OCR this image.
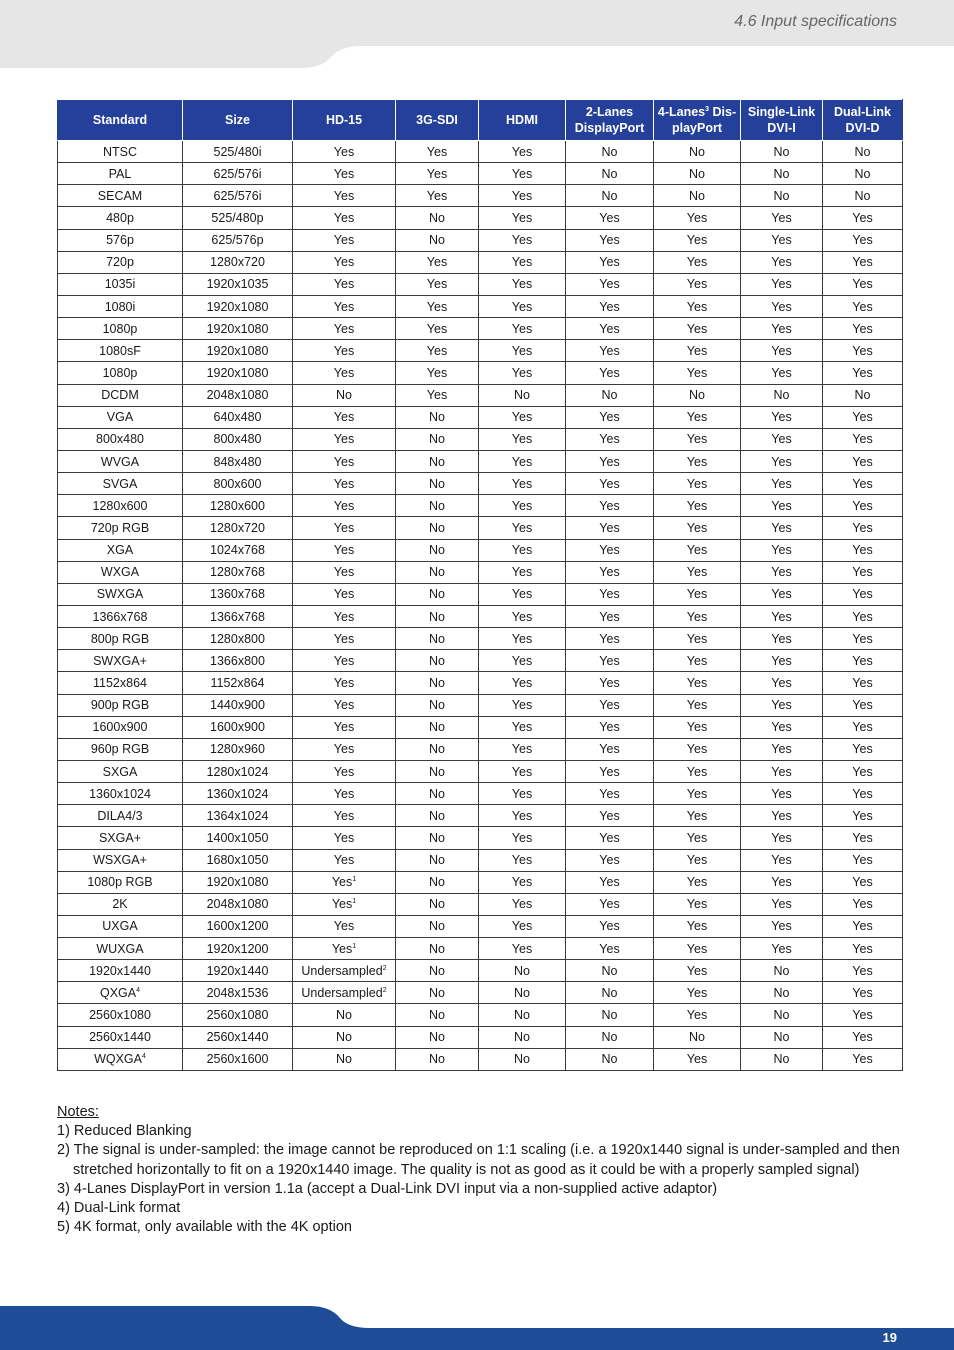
4.6 Input specifications
Standard	Size	HD-15	3G-SDI	HDMI	2-Lanes DisplayPort	4-Lanes$^3$ Dis-playPort	Single-Link DVI-I	Dual-Link DVI-D
NTSC	525/480i	Yes	Yes	Yes	No	No	No	No
PAL	625/576i	Yes	Yes	Yes	No	No	No	No
SECAM	625/576i	Yes	Yes	Yes	No	No	No	No
480p	525/480p	Yes	No	Yes	Yes	Yes	Yes	Yes
576p	625/576p	Yes	No	Yes	Yes	Yes	Yes	Yes
720p	1280x720	Yes	Yes	Yes	Yes	Yes	Yes	Yes
1035i	1920x1035	Yes	Yes	Yes	Yes	Yes	Yes	Yes
1080i	1920x1080	Yes	Yes	Yes	Yes	Yes	Yes	Yes
1080p	1920x1080	Yes	Yes	Yes	Yes	Yes	Yes	Yes
1080sF	1920x1080	Yes	Yes	Yes	Yes	Yes	Yes	Yes
1080p	1920x1080	Yes	Yes	Yes	Yes	Yes	Yes	Yes
DCDM	2048x1080	No	Yes	No	No	No	No	No
VGA	640x480	Yes	No	Yes	Yes	Yes	Yes	Yes
800x480	800x480	Yes	No	Yes	Yes	Yes	Yes	Yes
WVGA	848x480	Yes	No	Yes	Yes	Yes	Yes	Yes
SVGA	800x600	Yes	No	Yes	Yes	Yes	Yes	Yes
1280x600	1280x600	Yes	No	Yes	Yes	Yes	Yes	Yes
720p RGB	1280x720	Yes	No	Yes	Yes	Yes	Yes	Yes
XGA	1024x768	Yes	No	Yes	Yes	Yes	Yes	Yes
WXGA	1280x768	Yes	No	Yes	Yes	Yes	Yes	Yes
SWXGA	1360x768	Yes	No	Yes	Yes	Yes	Yes	Yes
1366x768	1366x768	Yes	No	Yes	Yes	Yes	Yes	Yes
800p RGB	1280x800	Yes	No	Yes	Yes	Yes	Yes	Yes
SWXGA+	1366x800	Yes	No	Yes	Yes	Yes	Yes	Yes
1152x864	1152x864	Yes	No	Yes	Yes	Yes	Yes	Yes
900p RGB	1440x900	Yes	No	Yes	Yes	Yes	Yes	Yes
1600x900	1600x900	Yes	No	Yes	Yes	Yes	Yes	Yes
960p RGB	1280x960	Yes	No	Yes	Yes	Yes	Yes	Yes
SXGA	1280x1024	Yes	No	Yes	Yes	Yes	Yes	Yes
1360x1024	1360x1024	Yes	No	Yes	Yes	Yes	Yes	Yes
DILA4/3	1364x1024	Yes	No	Yes	Yes	Yes	Yes	Yes
SXGA+	1400x1050	Yes	No	Yes	Yes	Yes	Yes	Yes
WSXGA+	1680x1050	Yes	No	Yes	Yes	Yes	Yes	Yes
1080p RGB	1920x1080	Yes$^1$	No	Yes	Yes	Yes	Yes	Yes
2K	2048x1080	Yes$^1$	No	Yes	Yes	Yes	Yes	Yes
UXGA	1600x1200	Yes	No	Yes	Yes	Yes	Yes	Yes
WUXGA	1920x1200	Yes$^1$	No	Yes	Yes	Yes	Yes	Yes
1920x1440	1920x1440	Undersampled$^2$	No	No	No	Yes	No	Yes
QXGA$^4$	2048x1536	Undersampled$^2$	No	No	No	Yes	No	Yes
2560x1080	2560x1080	No	No	No	No	Yes	No	Yes
2560x1440	2560x1440	No	No	No	No	No	No	Yes
WQXGA$^4$	2560x1600	No	No	No	No	Yes	No	Yes
Notes:
1) Reduced Blanking
2) The signal is under-sampled: the image cannot be reproduced on 1:1 scaling (i.e. a 1920x1440 signal is under-sampled and then stretched horizontally to fit on a 1920x1440 image. The quality is not as good as it could be with a properly sampled signal)
3) 4-Lanes DisplayPort in version 1.1a (accept a Dual-Link DVI input via a non-supplied active adaptor)
4) Dual-Link format
5) 4K format, only available with the 4K option
19
